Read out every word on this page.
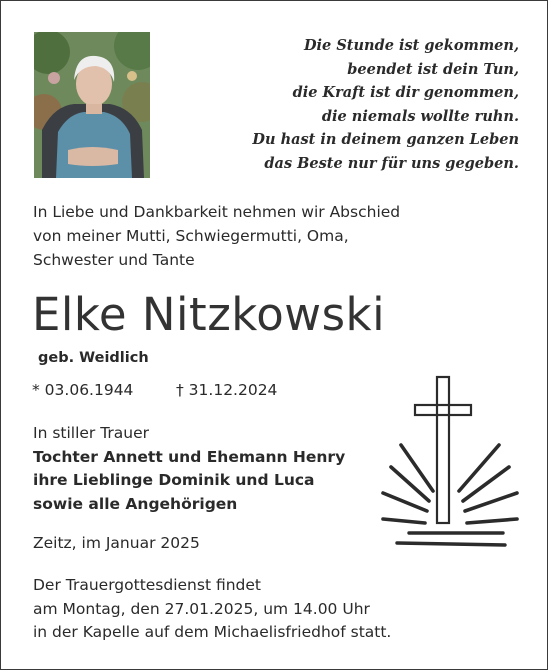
Die Stunde ist gekommen,
beendet ist dein Tun,
die Kraft ist dir genommen,
die niemals wollte ruhn.
Du hast in deinem ganzen Leben
das Beste nur für uns gegeben.
In Liebe und Dankbarkeit nehmen wir Abschied
von meiner Mutti, Schwiegermutti, Oma,
Schwester und Tante
Elke Nitzkowski
geb. Weidlich
* 03.06.1944	† 31.12.2024
In stiller Trauer
Tochter Annett und Ehemann Henry
ihre Lieblinge Dominik und Luca
sowie alle Angehörigen
Zeitz, im Januar 2025
Der Trauergottesdienst findet
am Montag, den 27.01.2025, um 14.00 Uhr
in der Kapelle auf dem Michaelisfriedhof statt.
